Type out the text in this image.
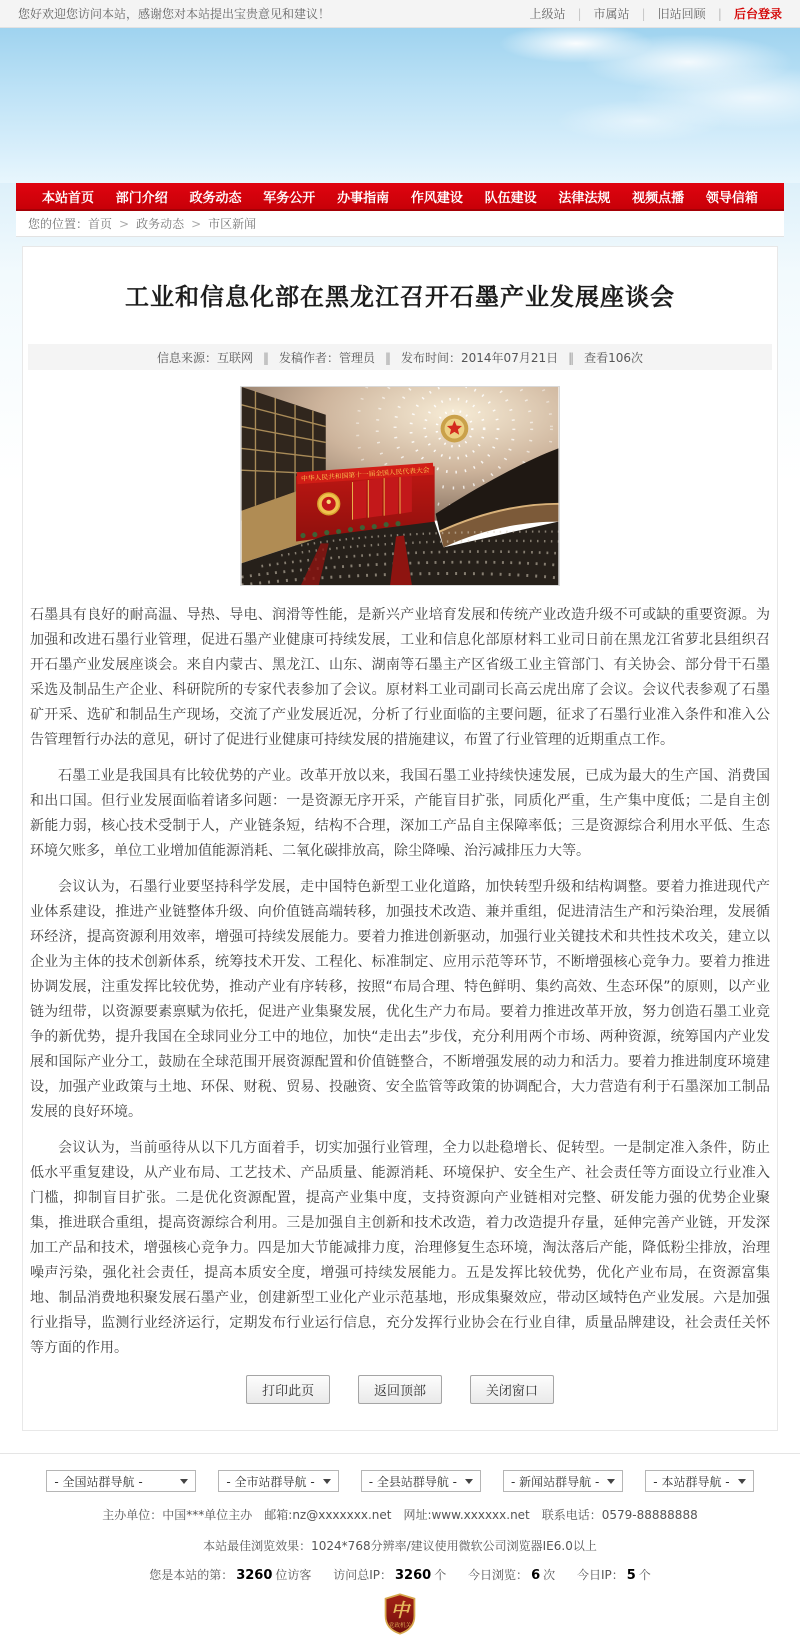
您好欢迎您访问本站，感谢您对本站提出宝贵意见和建议！	上级站	| 市属站	| 旧站回顾	| 后台登录
本站首页 部门介绍 政务动态 军务公开 办事指南 作风建设 队伍建设 法律法规 视频点播 领导信箱
您的位置： 首页	> 政务动态	> 市区新闻
工业和信息化部在黑龙江召开石墨产业发展座谈会
信息来源：互联网	‖ 发稿作者：管理员	‖ 发布时间：2014年07月21日	‖ 查看106次
中华人民共和国第十一届全国人民代表大会

石墨具有良好的耐高温、导热、导电、润滑等性能，是新兴产业培育发展和传统产业改造升级不可或缺的重要资源。为加强和改进石墨行业管理，促进石墨产业健康可持续发展，工业和信息化部原材料工业司日前在黑龙江省萝北县组织召开石墨产业发展座谈会。来自内蒙古、黑龙江、山东、湖南等石墨主产区省级工业主管部门、有关协会、部分骨干石墨采选及制品生产企业、科研院所的专家代表参加了会议。原材料工业司副司长高云虎出席了会议。会议代表参观了石墨矿开采、选矿和制品生产现场，交流了产业发展近况，分析了行业面临的主要问题，征求了石墨行业准入条件和准入公告管理暂行办法的意见，研讨了促进行业健康可持续发展的措施建议，布置了行业管理的近期重点工作。

石墨工业是我国具有比较优势的产业。改革开放以来，我国石墨工业持续快速发展，已成为最大的生产国、消费国和出口国。但行业发展面临着诸多问题：一是资源无序开采，产能盲目扩张，同质化严重，生产集中度低；二是自主创新能力弱，核心技术受制于人，产业链条短，结构不合理，深加工产品自主保障率低；三是资源综合利用水平低、生态环境欠账多，单位工业增加值能源消耗、二氧化碳排放高，除尘降噪、治污减排压力大等。

会议认为，石墨行业要坚持科学发展，走中国特色新型工业化道路，加快转型升级和结构调整。要着力推进现代产业体系建设，推进产业链整体升级、向价值链高端转移，加强技术改造、兼并重组，促进清洁生产和污染治理，发展循环经济，提高资源利用效率，增强可持续发展能力。要着力推进创新驱动，加强行业关键技术和共性技术攻关，建立以企业为主体的技术创新体系，统筹技术开发、工程化、标准制定、应用示范等环节，不断增强核心竞争力。要着力推进协调发展，注重发挥比较优势，推动产业有序转移，按照“布局合理、特色鲜明、集约高效、生态环保”的原则，以产业链为纽带，以资源要素禀赋为依托，促进产业集聚发展，优化生产力布局。要着力推进改革开放，努力创造石墨工业竞争的新优势，提升我国在全球同业分工中的地位，加快“走出去”步伐，充分利用两个市场、两种资源，统筹国内产业发展和国际产业分工，鼓励在全球范围开展资源配置和价值链整合，不断增强发展的动力和活力。要着力推进制度环境建设，加强产业政策与土地、环保、财税、贸易、投融资、安全监管等政策的协调配合，大力营造有利于石墨深加工制品发展的良好环境。

会议认为，当前亟待从以下几方面着手，切实加强行业管理，全力以赴稳增长、促转型。一是制定准入条件，防止低水平重复建设，从产业布局、工艺技术、产品质量、能源消耗、环境保护、安全生产、社会责任等方面设立行业准入门槛，抑制盲目扩张。二是优化资源配置，提高产业集中度，支持资源向产业链相对完整、研发能力强的优势企业聚集，推进联合重组，提高资源综合利用。三是加强自主创新和技术改造，着力改造提升存量，延伸完善产业链，开发深加工产品和技术，增强核心竞争力。四是加大节能减排力度，治理修复生态环境，淘汰落后产能，降低粉尘排放，治理噪声污染，强化社会责任，提高本质安全度，增强可持续发展能力。五是发挥比较优势，优化产业布局，在资源富集地、制品消费地积聚发展石墨产业，创建新型工业化产业示范基地，形成集聚效应，带动区域特色产业发展。六是加强行业指导，监测行业经济运行，定期发布行业运行信息，充分发挥行业协会在行业自律，质量品牌建设，社会责任关怀等方面的作用。

打印此页	返回顶部	关闭窗口
- 全国站群导航 -	- 全市站群导航 -	- 全县站群导航 -	- 新闻站群导航 -	- 本站群导航 -
主办单位：中国***单位主办　邮箱:nz@xxxxxxx.net　网址:www.xxxxxx.net　联系电话：0579-88888888
本站最佳浏览效果：1024*768分辨率/建议使用微软公司浏览器IE6.0以上
您是本站的第： 3260 位访客 访问总IP： 3260 个 今日浏览： 6 次 今日IP： 5 个
中
党政机关
